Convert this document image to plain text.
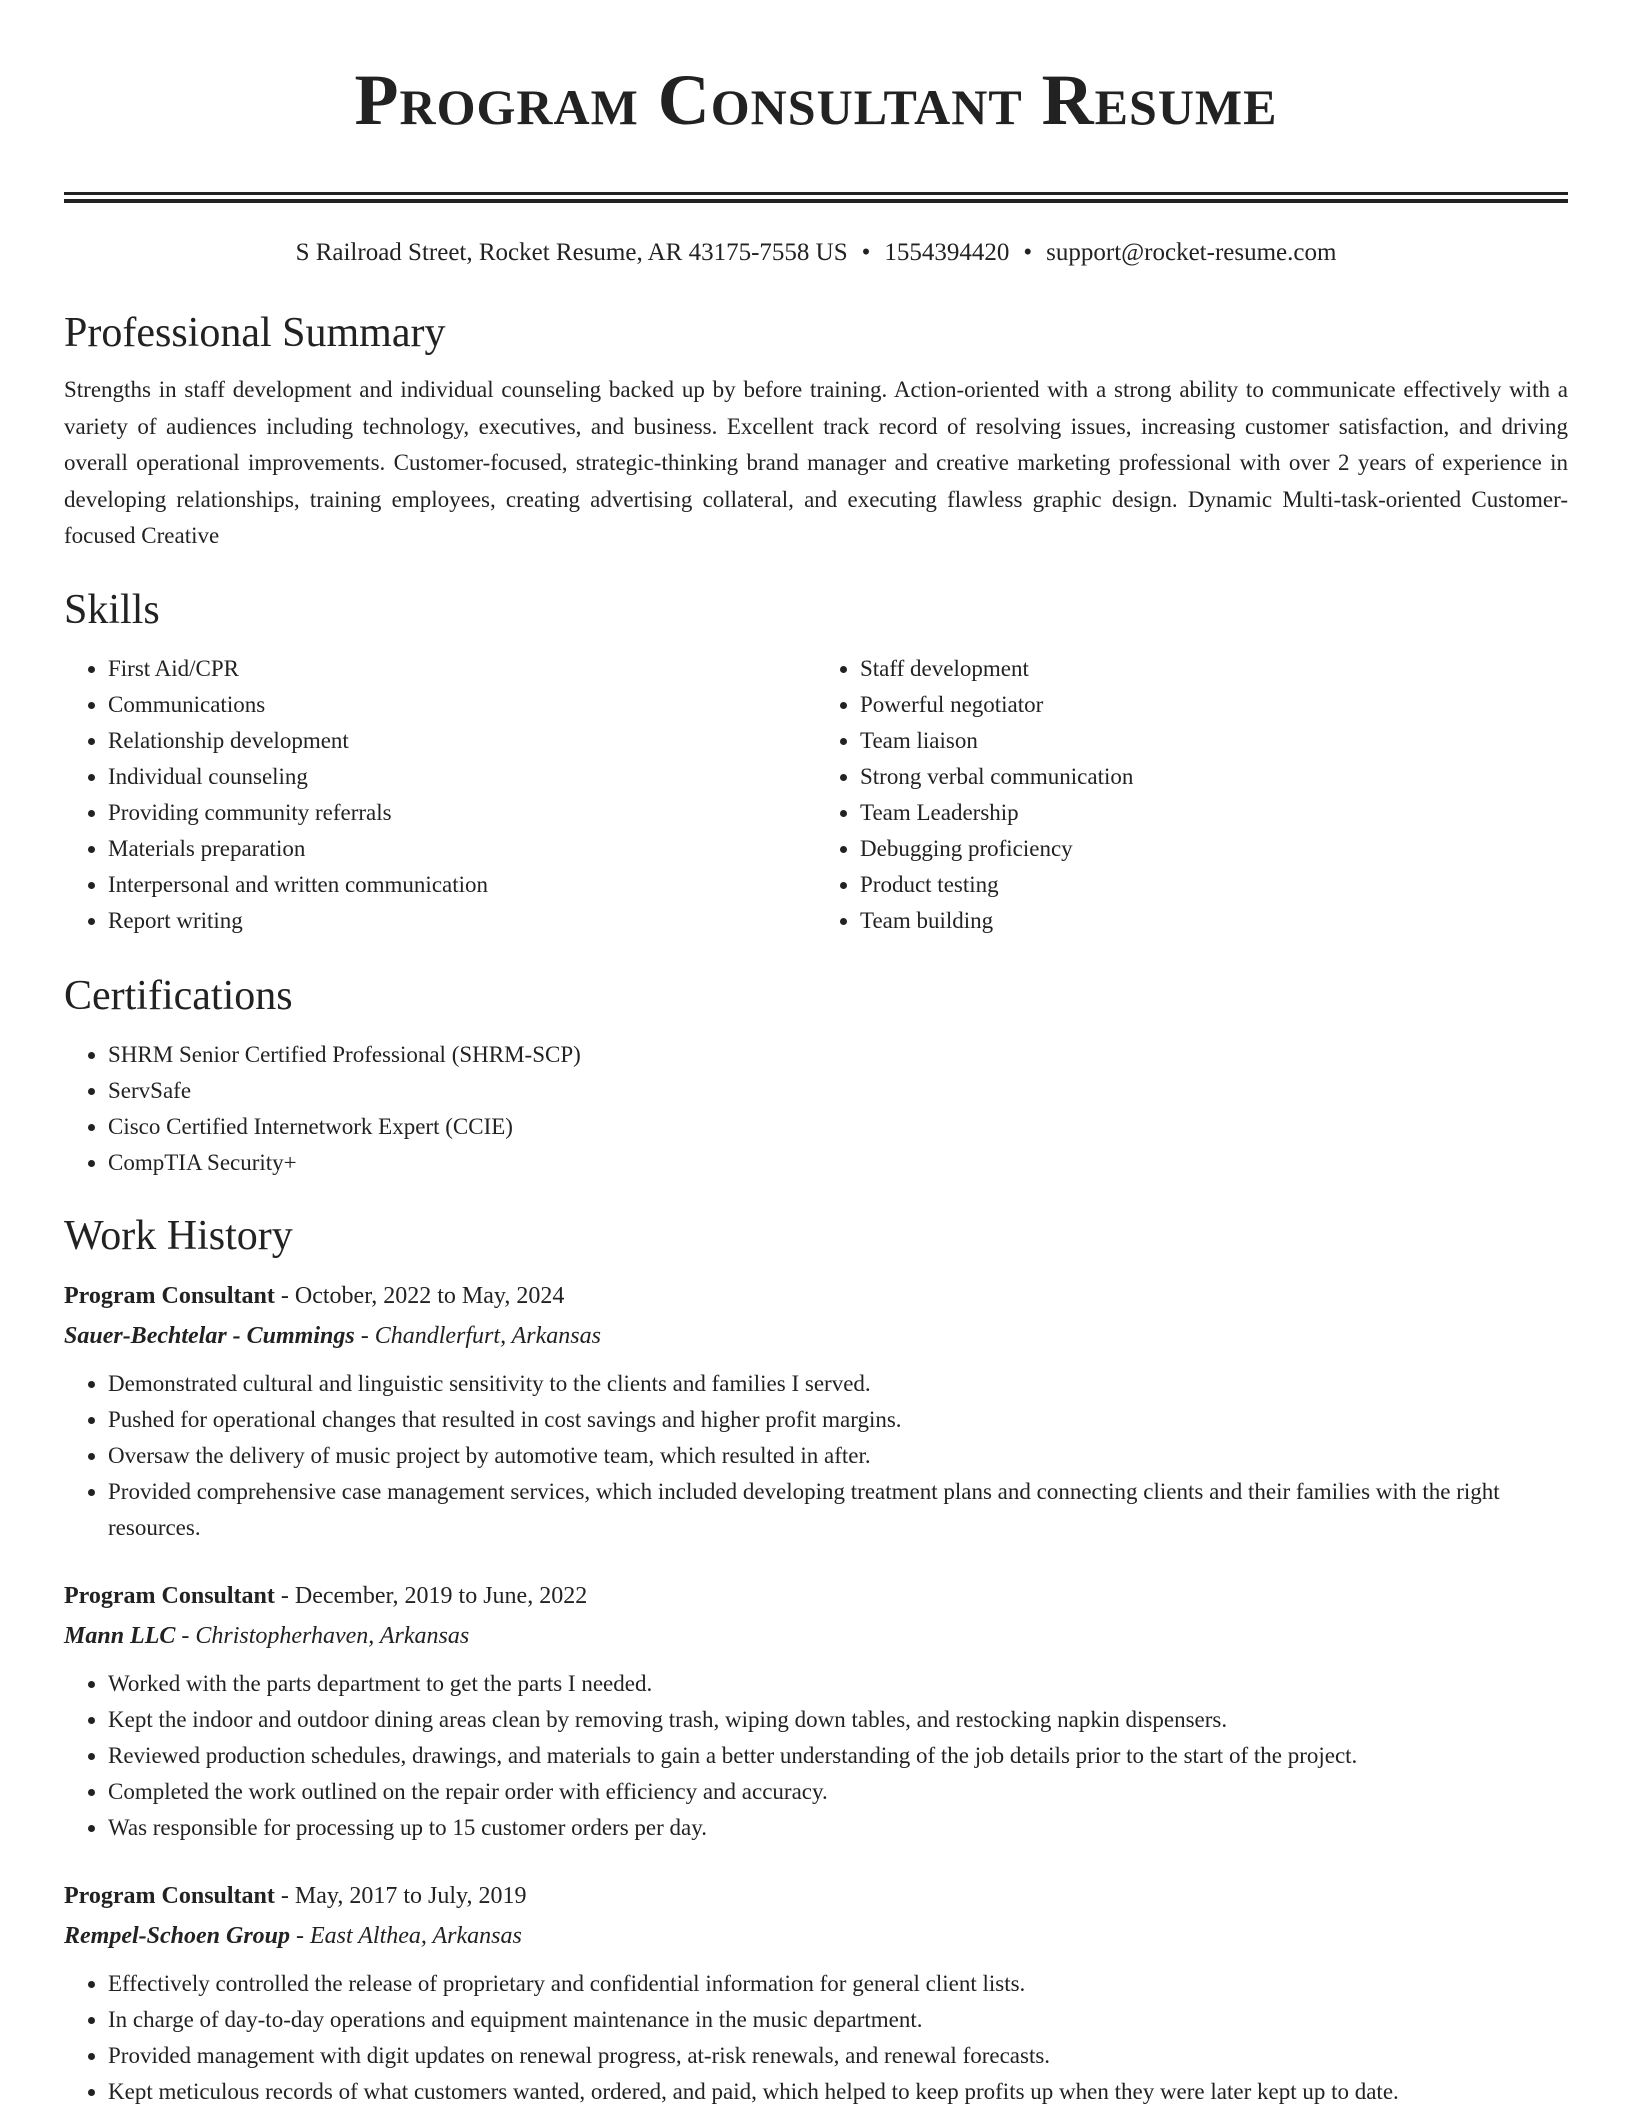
Program Consultant Resume
S Railroad Street, Rocket Resume, AR 43175-7558 US • 1554394420 • support@rocket-resume.com
Professional Summary

Strengths in staff development and individual counseling backed up by before training. Action-oriented with a strong ability to communicate effectively with a variety of audiences including technology, executives, and business. Excellent track record of resolving issues, increasing customer satisfaction, and driving overall operational improvements. Customer-focused, strategic-thinking brand manager and creative marketing professional with over 2 years of experience in developing relationships, training employees, creating advertising collateral, and executing flawless graphic design. Dynamic Multi-task-oriented Customer-focused Creative

Skills
• First Aid/CPR
• Communications
• Relationship development
• Individual counseling
• Providing community referrals
• Materials preparation
• Interpersonal and written communication
• Report writing
• Staff development
• Powerful negotiator
• Team liaison
• Strong verbal communication
• Team Leadership
• Debugging proficiency
• Product testing
• Team building
Certifications
• SHRM Senior Certified Professional (SHRM-SCP)
• ServSafe
• Cisco Certified Internetwork Expert (CCIE)
• CompTIA Security+
Work History
Program Consultant - October, 2022 to May, 2024
Sauer-Bechtelar - Cummings - Chandlerfurt, Arkansas
• Demonstrated cultural and linguistic sensitivity to the clients and families I served.
• Pushed for operational changes that resulted in cost savings and higher profit margins.
• Oversaw the delivery of music project by automotive team, which resulted in after.
• Provided comprehensive case management services, which included developing treatment plans and connecting clients and their families with the right resources.
Program Consultant - December, 2019 to June, 2022
Mann LLC - Christopherhaven, Arkansas
• Worked with the parts department to get the parts I needed.
• Kept the indoor and outdoor dining areas clean by removing trash, wiping down tables, and restocking napkin dispensers.
• Reviewed production schedules, drawings, and materials to gain a better understanding of the job details prior to the start of the project.
• Completed the work outlined on the repair order with efficiency and accuracy.
• Was responsible for processing up to 15 customer orders per day.
Program Consultant - May, 2017 to July, 2019
Rempel-Schoen Group - East Althea, Arkansas
• Effectively controlled the release of proprietary and confidential information for general client lists.
• In charge of day-to-day operations and equipment maintenance in the music department.
• Provided management with digit updates on renewal progress, at-risk renewals, and renewal forecasts.
• Kept meticulous records of what customers wanted, ordered, and paid, which helped to keep profits up when they were later kept up to date.
